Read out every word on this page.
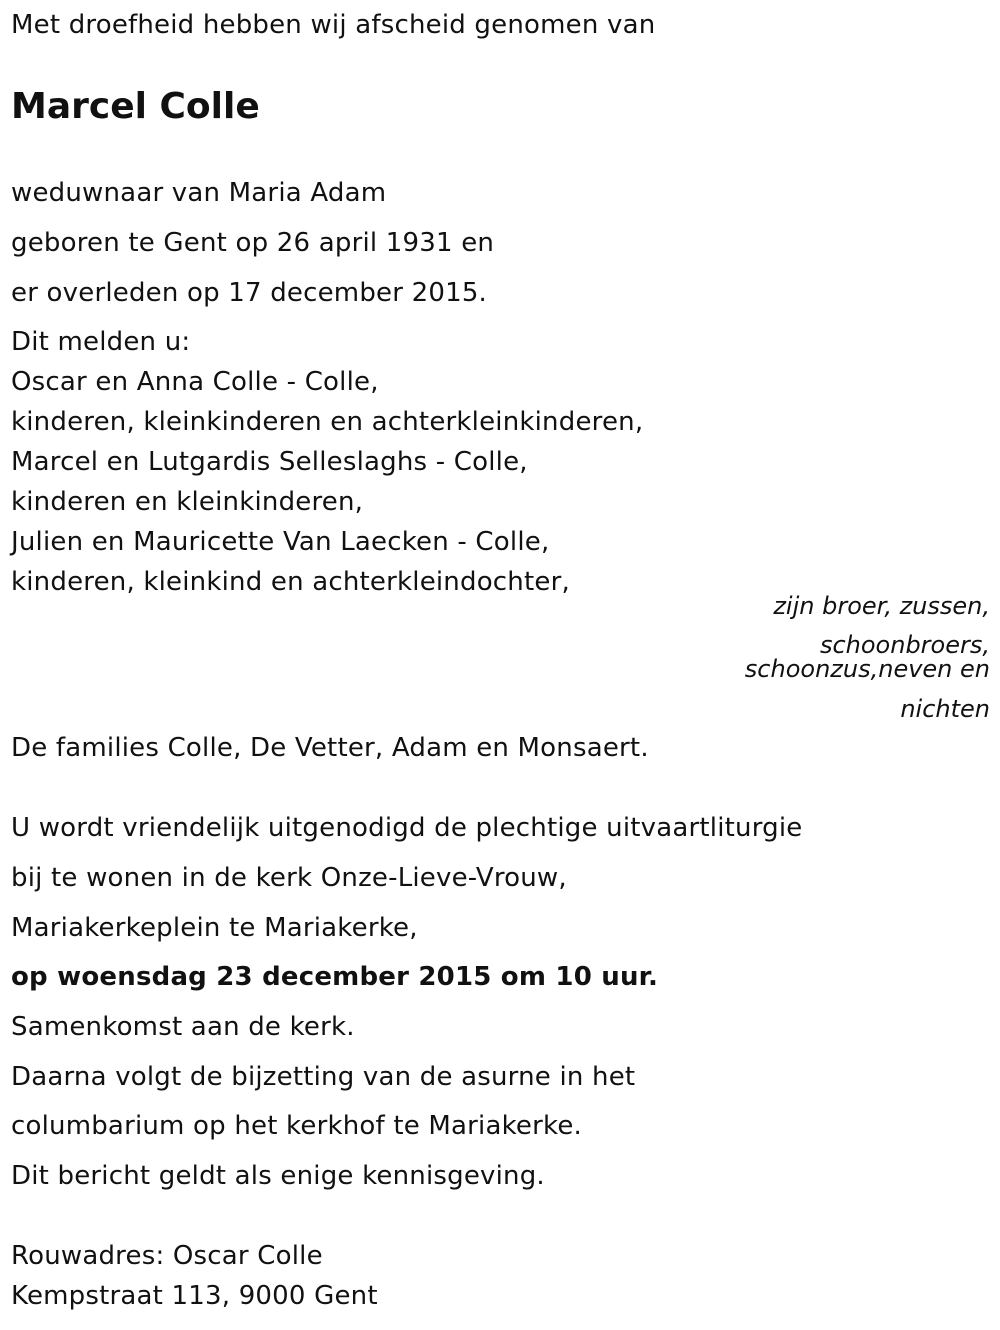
Met droefheid hebben wij afscheid genomen van
Marcel Colle
weduwnaar van Maria Adam
geboren te Gent op 26 april 1931 en
er overleden op 17 december 2015.
Dit melden u:
Oscar en Anna Colle - Colle,
kinderen, kleinkinderen en achterkleinkinderen,
Marcel en Lutgardis Selleslaghs - Colle,
kinderen en kleinkinderen,
Julien en Mauricette Van Laecken - Colle,
kinderen, kleinkind en achterkleindochter,
zijn broer, zussen,
schoonbroers,
schoonzus,neven en
nichten
De families Colle, De Vetter, Adam en Monsaert.
U wordt vriendelijk uitgenodigd de plechtige uitvaartliturgie
bij te wonen in de kerk Onze-Lieve-Vrouw,
Mariakerkeplein te Mariakerke,
op woensdag 23 december 2015 om 10 uur.
Samenkomst aan de kerk.
Daarna volgt de bijzetting van de asurne in het
columbarium op het kerkhof te Mariakerke.
Dit bericht geldt als enige kennisgeving.
Rouwadres: Oscar Colle
Kempstraat 113, 9000 Gent
